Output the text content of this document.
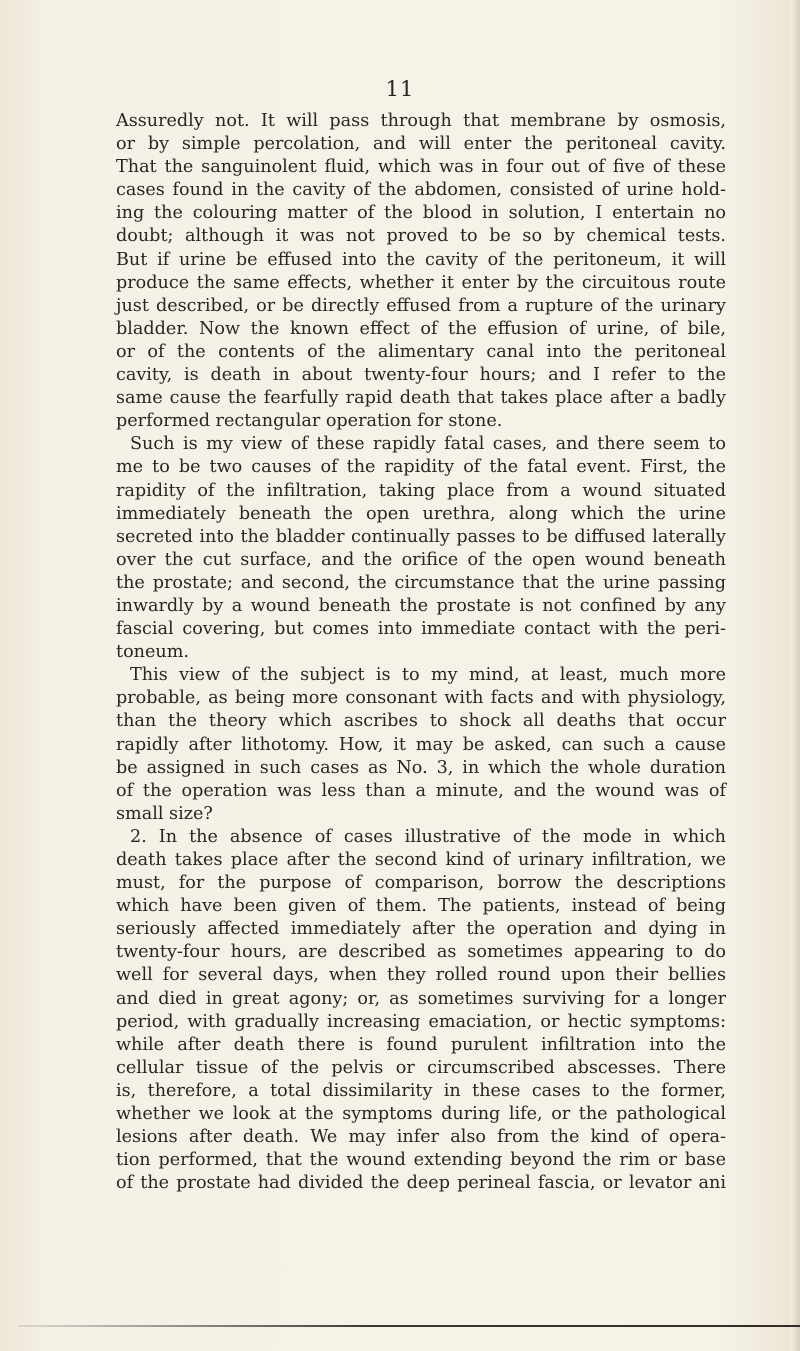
11
Assuredly not. It will pass through that membrane by osmosis,
or by simple percolation, and will enter the peritoneal cavity.
That the sanguinolent fluid, which was in four out of five of these
cases found in the cavity of the abdomen, consisted of urine hold-
ing the colouring matter of the blood in solution, I entertain no
doubt; although it was not proved to be so by chemical tests.
But if urine be effused into the cavity of the peritoneum, it will
produce the same effects, whether it enter by the circuitous route
just described, or be directly effused from a rupture of the urinary
bladder. Now the known effect of the effusion of urine, of bile,
or of the contents of the alimentary canal into the peritoneal
cavity, is death in about twenty-four hours; and I refer to the
same cause the fearfully rapid death that takes place after a badly
performed rectangular operation for stone.
Such is my view of these rapidly fatal cases, and there seem to
me to be two causes of the rapidity of the fatal event. First, the
rapidity of the infiltration, taking place from a wound situated
immediately beneath the open urethra, along which the urine
secreted into the bladder continually passes to be diffused laterally
over the cut surface, and the orifice of the open wound beneath
the prostate; and second, the circumstance that the urine passing
inwardly by a wound beneath the prostate is not confined by any
fascial covering, but comes into immediate contact with the peri-
toneum.
This view of the subject is to my mind, at least, much more
probable, as being more consonant with facts and with physiology,
than the theory which ascribes to shock all deaths that occur
rapidly after lithotomy. How, it may be asked, can such a cause
be assigned in such cases as No. 3, in which the whole duration
of the operation was less than a minute, and the wound was of
small size?
2. In the absence of cases illustrative of the mode in which
death takes place after the second kind of urinary infiltration, we
must, for the purpose of comparison, borrow the descriptions
which have been given of them. The patients, instead of being
seriously affected immediately after the operation and dying in
twenty-four hours, are described as sometimes appearing to do
well for several days, when they rolled round upon their bellies
and died in great agony; or, as sometimes surviving for a longer
period, with gradually increasing emaciation, or hectic symptoms:
while after death there is found purulent infiltration into the
cellular tissue of the pelvis or circumscribed abscesses. There
is, therefore, a total dissimilarity in these cases to the former,
whether we look at the symptoms during life, or the pathological
lesions after death. We may infer also from the kind of opera-
tion performed, that the wound extending beyond the rim or base
of the prostate had divided the deep perineal fascia, or levator ani
